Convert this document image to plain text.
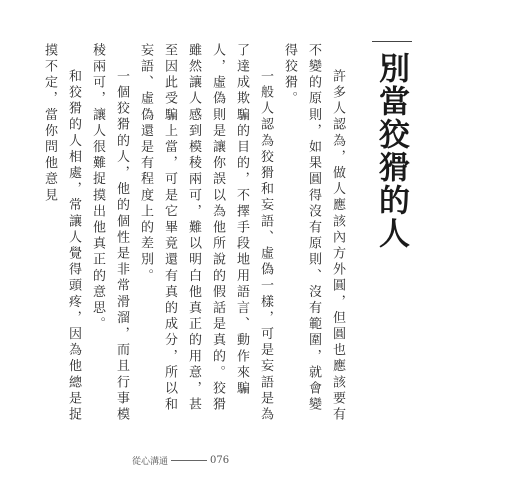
別當狡猾的人

許多人認為，做人應該內方外圓，但圓也應該要有不變的原則，如果圓得沒有原則、沒有範圍，就會變得狡猾。

一般人認為狡猾和妄語、虛偽一樣，可是妄語是為了達成欺騙的目的，不擇手段地用語言、動作來騙人，虛偽則是讓你誤以為他所說的假話是真的。狡猾雖然讓人感到模稜兩可，難以明白他真正的用意，甚至因此受騙上當，可是它畢竟還有真的成分，所以和妄語、虛偽還是有程度上的差別。

一個狡猾的人，他的個性是非常滑溜，而且行事模稜兩可，讓人很難捉摸出他真正的意思。

和狡猾的人相處，常讓人覺得頭疼，因為他總是捉摸不定，當你問他意見

從心溝通	076
